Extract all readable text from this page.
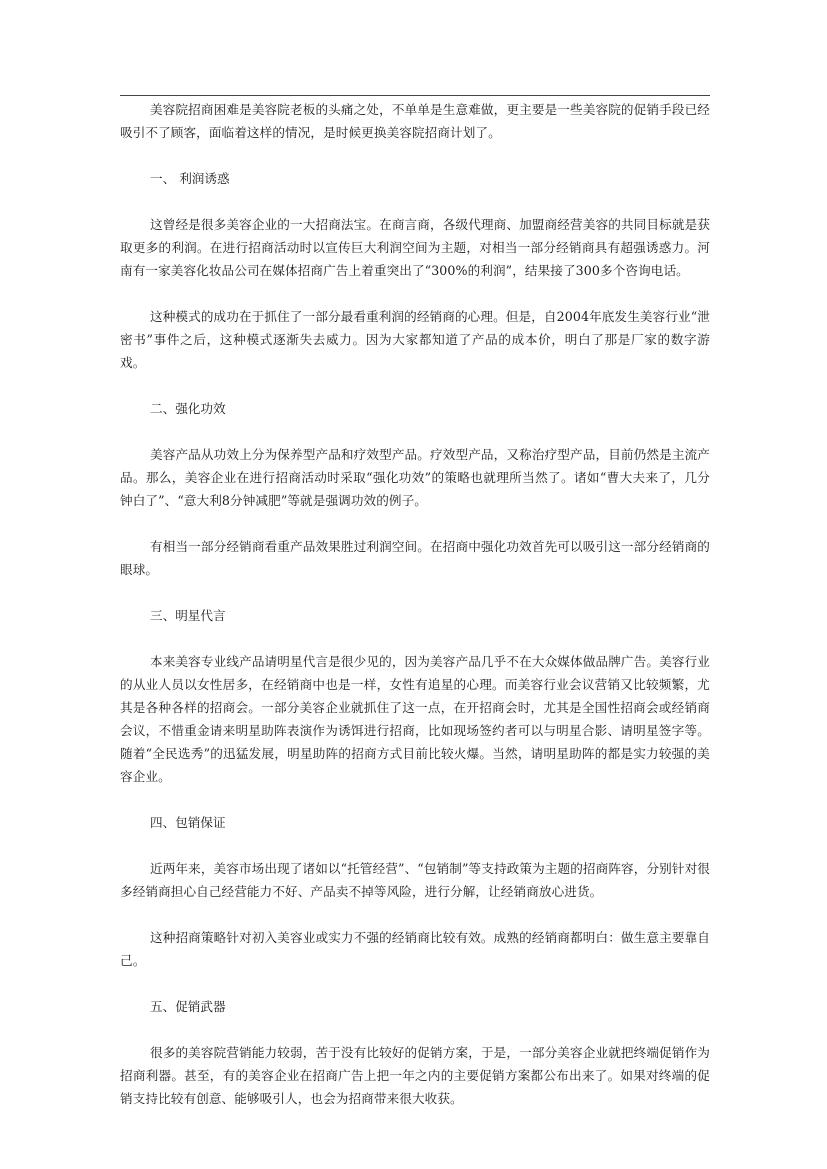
美容院招商困难是美容院老板的头痛之处，不单单是生意难做，更主要是一些美容院的促销手段已经吸引不了顾客，面临着这样的情况，是时候更换美容院招商计划了。

一、 利润诱惑

这曾经是很多美容企业的一大招商法宝。在商言商，各级代理商、加盟商经营美容的共同目标就是获取更多的利润。在进行招商活动时以宣传巨大利润空间为主题，对相当一部分经销商具有超强诱惑力。河南有一家美容化妆品公司在媒体招商广告上着重突出了“300%的利润”，结果接了300多个咨询电话。

这种模式的成功在于抓住了一部分最看重利润的经销商的心理。但是，自2004年底发生美容行业“泄密书”事件之后，这种模式逐渐失去威力。因为大家都知道了产品的成本价，明白了那是厂家的数字游戏。

二、强化功效

美容产品从功效上分为保养型产品和疗效型产品。疗效型产品，又称治疗型产品，目前仍然是主流产品。那么，美容企业在进行招商活动时采取“强化功效”的策略也就理所当然了。诸如“曹大夫来了，几分钟白了”、“意大利8分钟减肥”等就是强调功效的例子。

有相当一部分经销商看重产品效果胜过利润空间。在招商中强化功效首先可以吸引这一部分经销商的眼球。

三、明星代言

本来美容专业线产品请明星代言是很少见的，因为美容产品几乎不在大众媒体做品牌广告。美容行业的从业人员以女性居多，在经销商中也是一样，女性有追星的心理。而美容行业会议营销又比较频繁，尤其是各种各样的招商会。一部分美容企业就抓住了这一点，在开招商会时，尤其是全国性招商会或经销商会议，不惜重金请来明星助阵表演作为诱饵进行招商，比如现场签约者可以与明星合影、请明星签字等。随着“全民选秀”的迅猛发展，明星助阵的招商方式目前比较火爆。当然，请明星助阵的都是实力较强的美容企业。

四、包销保证

近两年来，美容市场出现了诸如以“托管经营”、“包销制”等支持政策为主题的招商阵容，分别针对很多经销商担心自己经营能力不好、产品卖不掉等风险，进行分解，让经销商放心进货。

这种招商策略针对初入美容业或实力不强的经销商比较有效。成熟的经销商都明白：做生意主要靠自己。

五、促销武器

很多的美容院营销能力较弱，苦于没有比较好的促销方案，于是，一部分美容企业就把终端促销作为招商利器。甚至，有的美容企业在招商广告上把一年之内的主要促销方案都公布出来了。如果对终端的促销支持比较有创意、能够吸引人，也会为招商带来很大收获。
